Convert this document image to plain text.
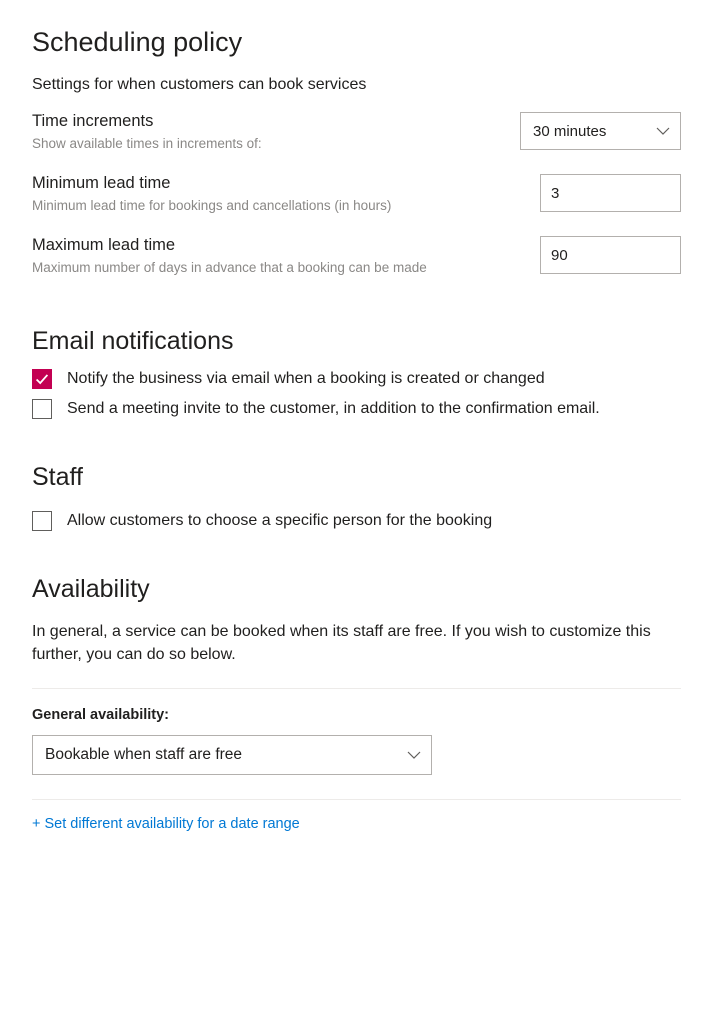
Scheduling policy
Settings for when customers can book services
Time increments
Show available times in increments of:
30 minutes
Minimum lead time
Minimum lead time for bookings and cancellations (in hours)
3
Maximum lead time
Maximum number of days in advance that a booking can be made
90
Email notifications
Notify the business via email when a booking is created or changed
Send a meeting invite to the customer, in addition to the confirmation email.
Staff
Allow customers to choose a specific person for the booking
Availability
In general, a service can be booked when its staff are free. If you wish to customize this further, you can do so below.
General availability:
Bookable when staff are free
+ Set different availability for a date range
